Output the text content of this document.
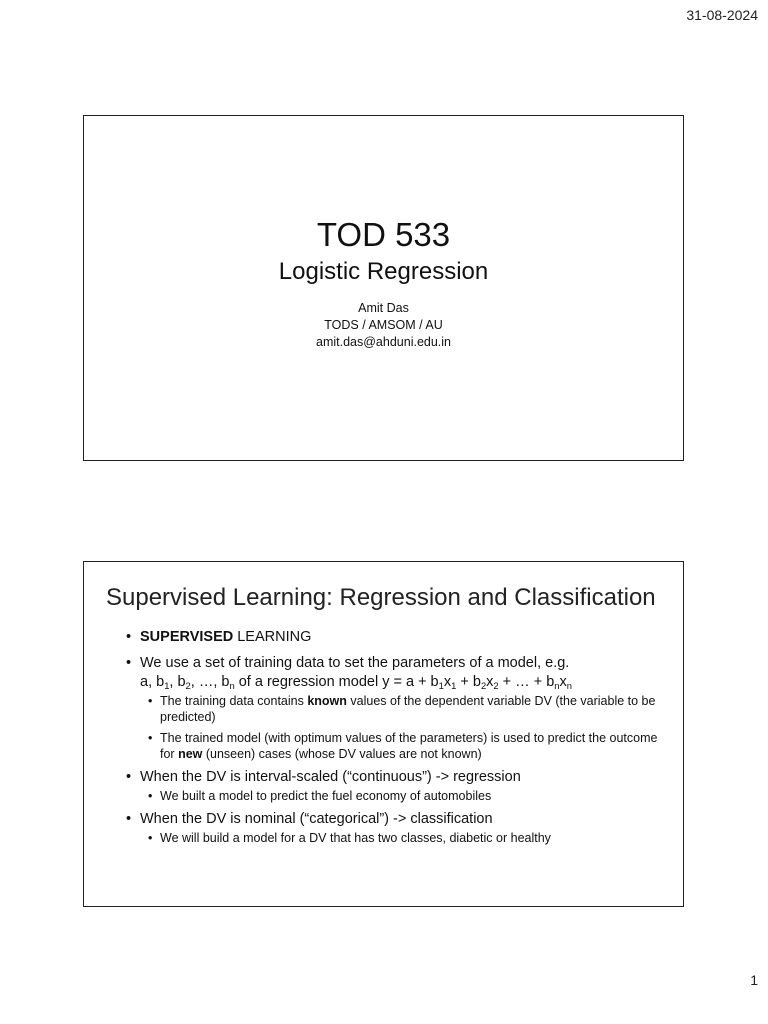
31-08-2024
TOD 533
Logistic Regression
Amit Das
TODS / AMSOM / AU
amit.das@ahduni.edu.in
Supervised Learning: Regression and Classification
• SUPERVISED LEARNING
• We use a set of training data to set the parameters of a model, e.g.
a, $b_1$, $b_2$, …, $b_n$ of a regression model $y = a + b_1x_1 + b_2x_2$ + … + $b_nx_n$
• The training data contains known values of the dependent variable DV (the variable to be predicted)
• The trained model (with optimum values of the parameters) is used to predict the outcome for new (unseen) cases (whose DV values are not known)
• When the DV is interval-scaled (“continuous”) -> regression
• We built a model to predict the fuel economy of automobiles
• When the DV is nominal (“categorical”) -> classification
• We will build a model for a DV that has two classes, diabetic or healthy
1
